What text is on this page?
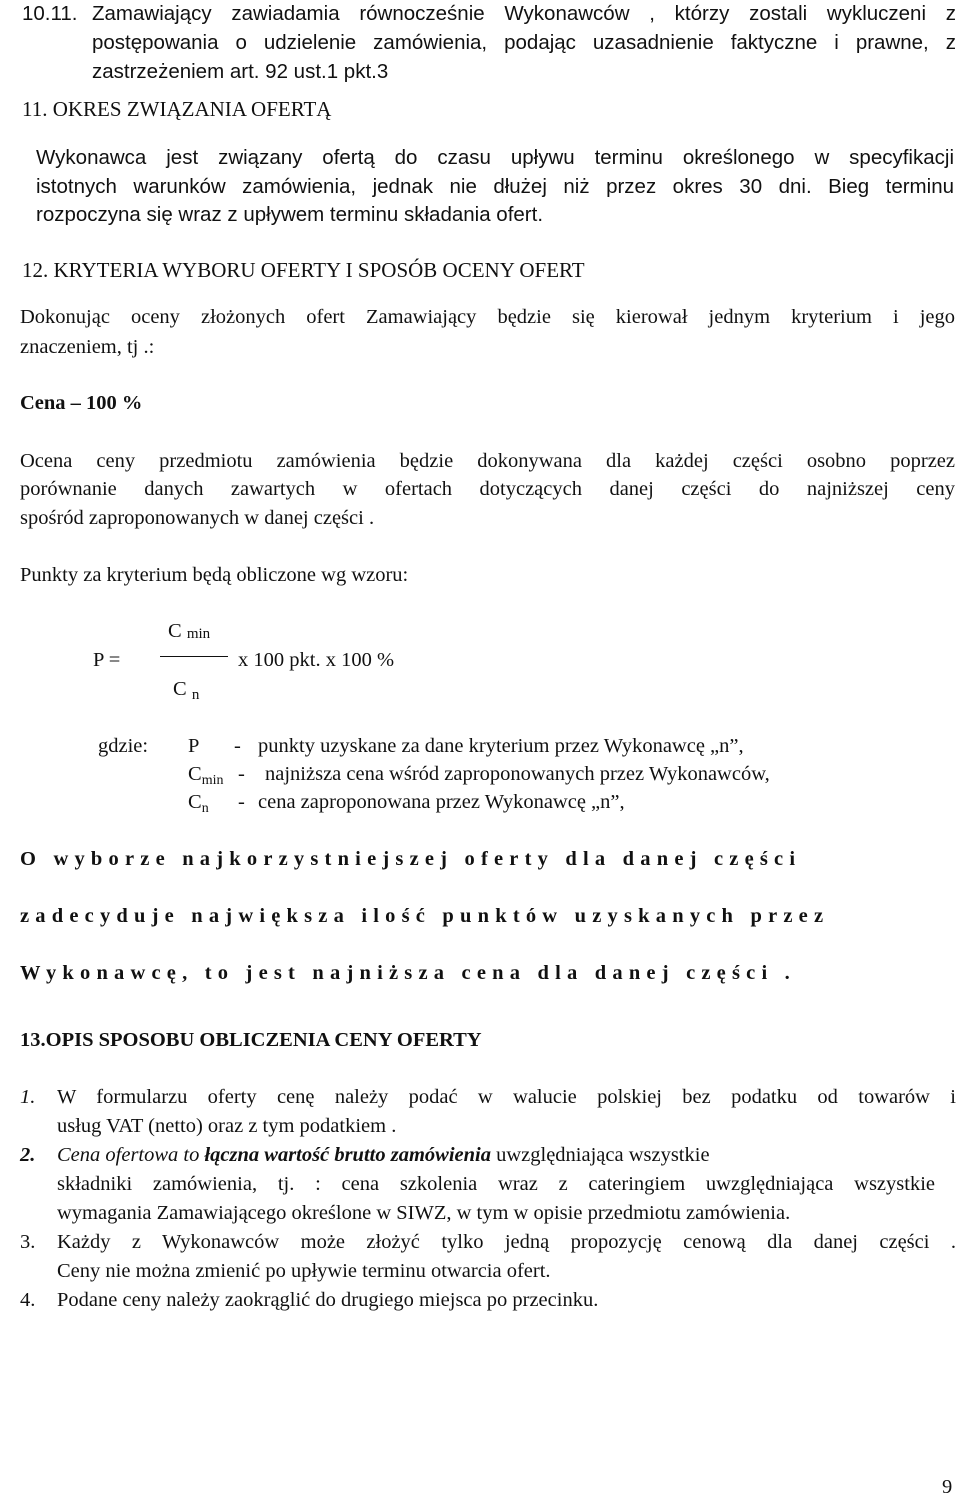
10.11. Zamawiający zawiadamia równocześnie Wykonawców , którzy zostali wykluczeni z
postępowania o udzielenie zamówienia, podając uzasadnienie faktyczne i prawne, z
zastrzeżeniem art. 92 ust.1 pkt.3
11. OKRES ZWIĄZANIA OFERTĄ
Wykonawca jest związany ofertą do czasu upływu terminu określonego w specyfikacji
istotnych warunków zamówienia, jednak nie dłużej niż przez okres 30 dni. Bieg terminu
rozpoczyna się wraz z upływem terminu składania ofert.
12. KRYTERIA WYBORU OFERTY I SPOSÓB OCENY OFERT
Dokonując oceny złożonych ofert Zamawiający będzie się kierował jednym kryterium i jego
znaczeniem, tj .:
Cena – 100 %
Ocena ceny przedmiotu zamówienia będzie dokonywana dla każdej części osobno poprzez
porównanie danych zawartych w ofertach dotyczących danej części do najniższej ceny
spośród zaproponowanych w danej części .
Punkty za kryterium będą obliczone wg wzoru:
P =
C min
C n
x 100 pkt. x 100 %
gdzie: P - punkty uzyskane za dane kryterium przez Wykonawcę „n”,
Cmin - najniższa cena wśród zaproponowanych przez Wykonawców,
Cn - cena zaproponowana przez Wykonawcę „n”,
O wyborze najkorzystniejszej oferty dla danej części
zadecyduje największa ilość punktów uzyskanych przez
Wykonawcę, to jest najniższa cena dla danej części .
13.OPIS SPOSOBU OBLICZENIA CENY OFERTY
1. W formularzu oferty cenę należy podać w walucie polskiej bez podatku od towarów i
usług VAT (netto) oraz z tym podatkiem .
2. Cena ofertowa to łączna wartość brutto zamówienia uwzględniająca wszystkie
składniki zamówienia, tj. : cena szkolenia wraz z cateringiem uwzględniająca wszystkie
wymagania Zamawiającego określone w SIWZ, w tym w opisie przedmiotu zamówienia.
3. Każdy z Wykonawców może złożyć tylko jedną propozycję cenową dla danej części .
Ceny nie można zmienić po upływie terminu otwarcia ofert.
4. Podane ceny należy zaokrąglić do drugiego miejsca po przecinku.
9
